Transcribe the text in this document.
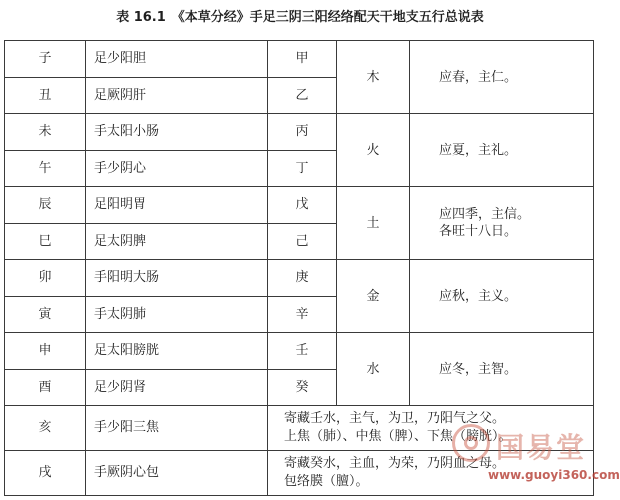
表 16.1 《本草分经》手足三阴三阳经络配天干地支五行总说表
子	足少阳胆	甲	木	应春，主仁。

丑	足厥阴肝	乙		
未	手太阳小肠	丙	火	应夏，主礼。

午	手少阴心	丁		
辰	足阳明胃	戊	土	应四季，主信。
各旺十八日。

巳	足太阴脾	己		
卯	手阳明大肠	庚	金	应秋，主义。

寅	手太阴肺	辛		
申	足太阳膀胱	壬	水	应冬，主智。

酉	足少阴肾	癸		
亥	手少阳三焦	寄藏壬水，主气，为卫，乃阳气之父。
上焦（肺）、中焦（脾）、下焦（膀胱）。		

戌	手厥阴心包	寄藏癸水，主血，为荣，乃阴血之母。
包络膜（膻）。		
国易堂
www.guoyi360.com
